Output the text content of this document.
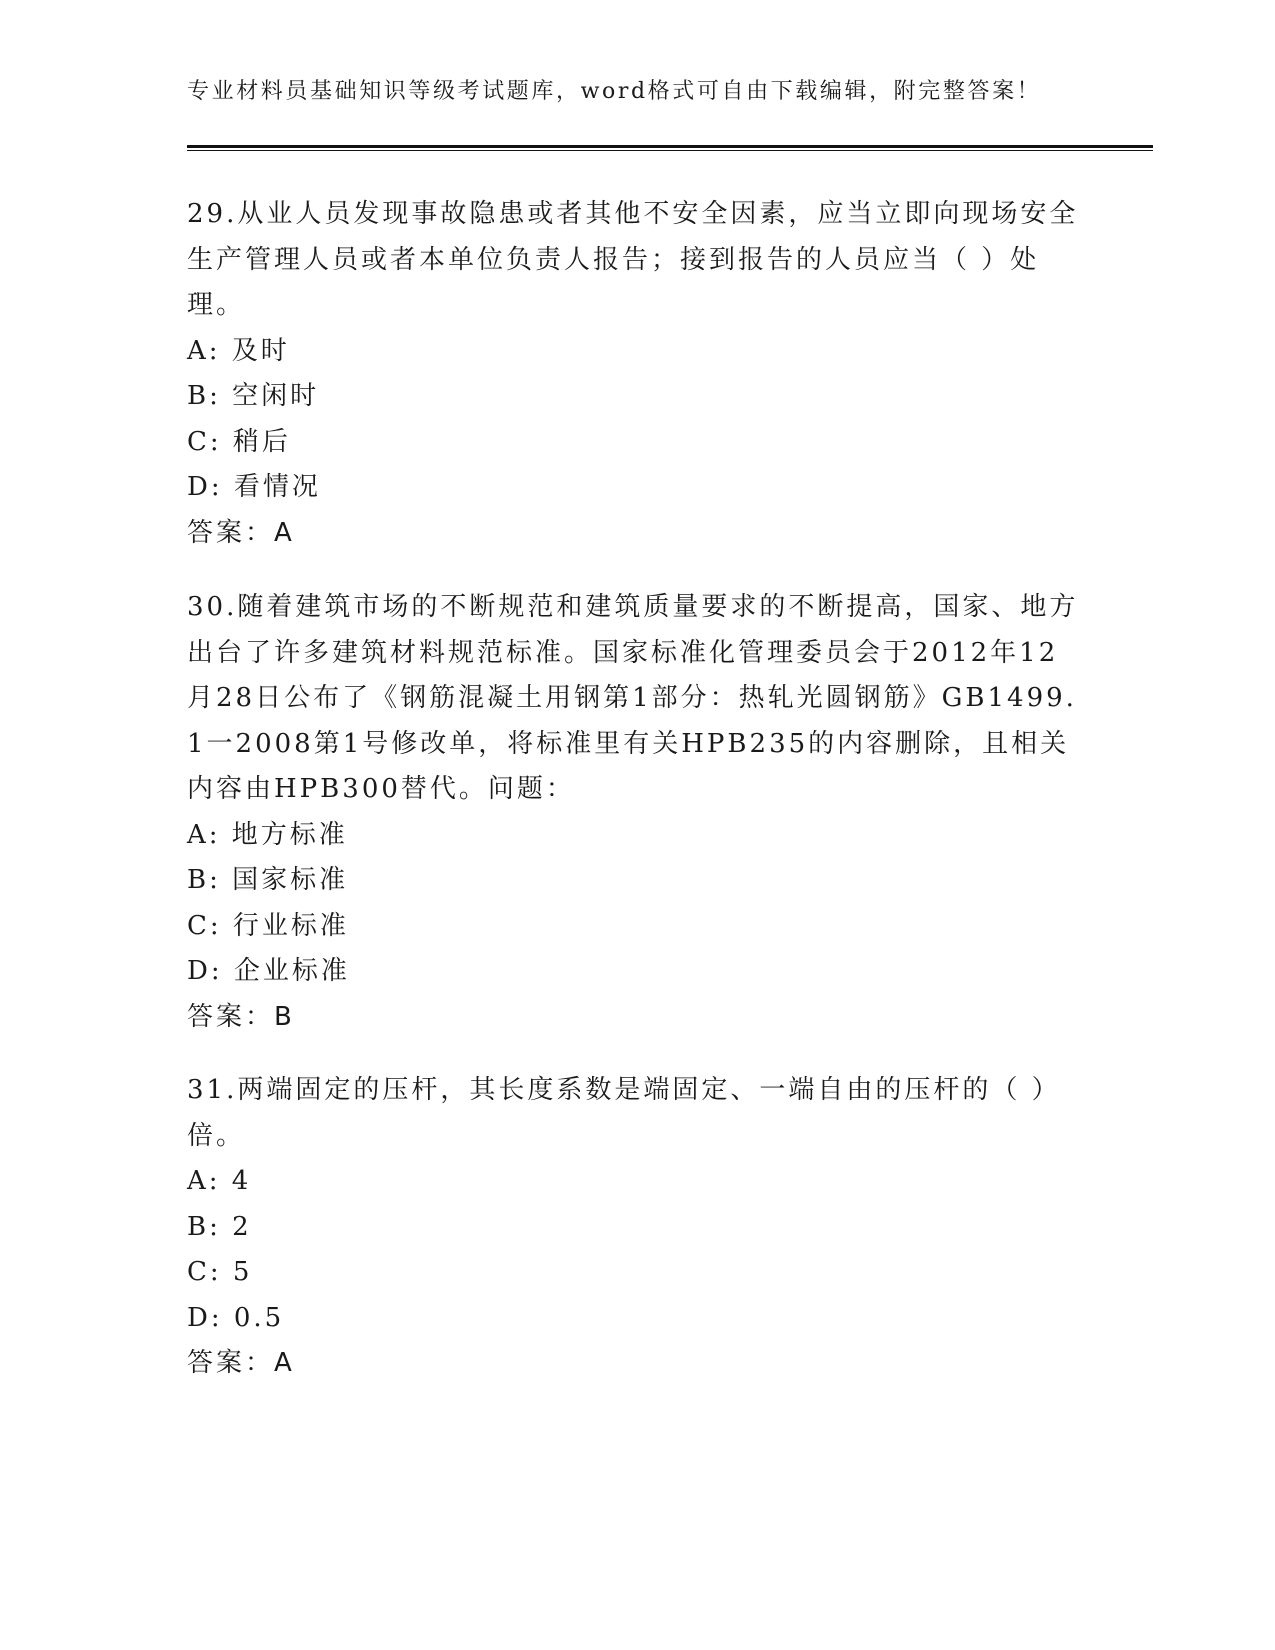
专业材料员基础知识等级考试题库，word格式可自由下载编辑，附完整答案！

29.从业人员发现事故隐患或者其他不安全因素，应当立即向现场安全生产管理人员或者本单位负责人报告；接到报告的人员应当（ ）处理。

A: 及时
B: 空闲时
C: 稍后
D: 看情况
答案：A

30.随着建筑市场的不断规范和建筑质量要求的不断提高，国家、地方出台了许多建筑材料规范标准。国家标准化管理委员会于2012年12月28日公布了《钢筋混凝土用钢第1部分：热轧光圆钢筋》GB1499.1一2008第1号修改单，将标准里有关HPB235的内容删除，且相关内容由HPB300替代。问题：

A: 地方标准
B: 国家标准
C: 行业标准
D: 企业标准
答案：B

31.两端固定的压杆，其长度系数是端固定、一端自由的压杆的（ ）倍。

A: 4
B: 2
C: 5
D: 0.5
答案：A
